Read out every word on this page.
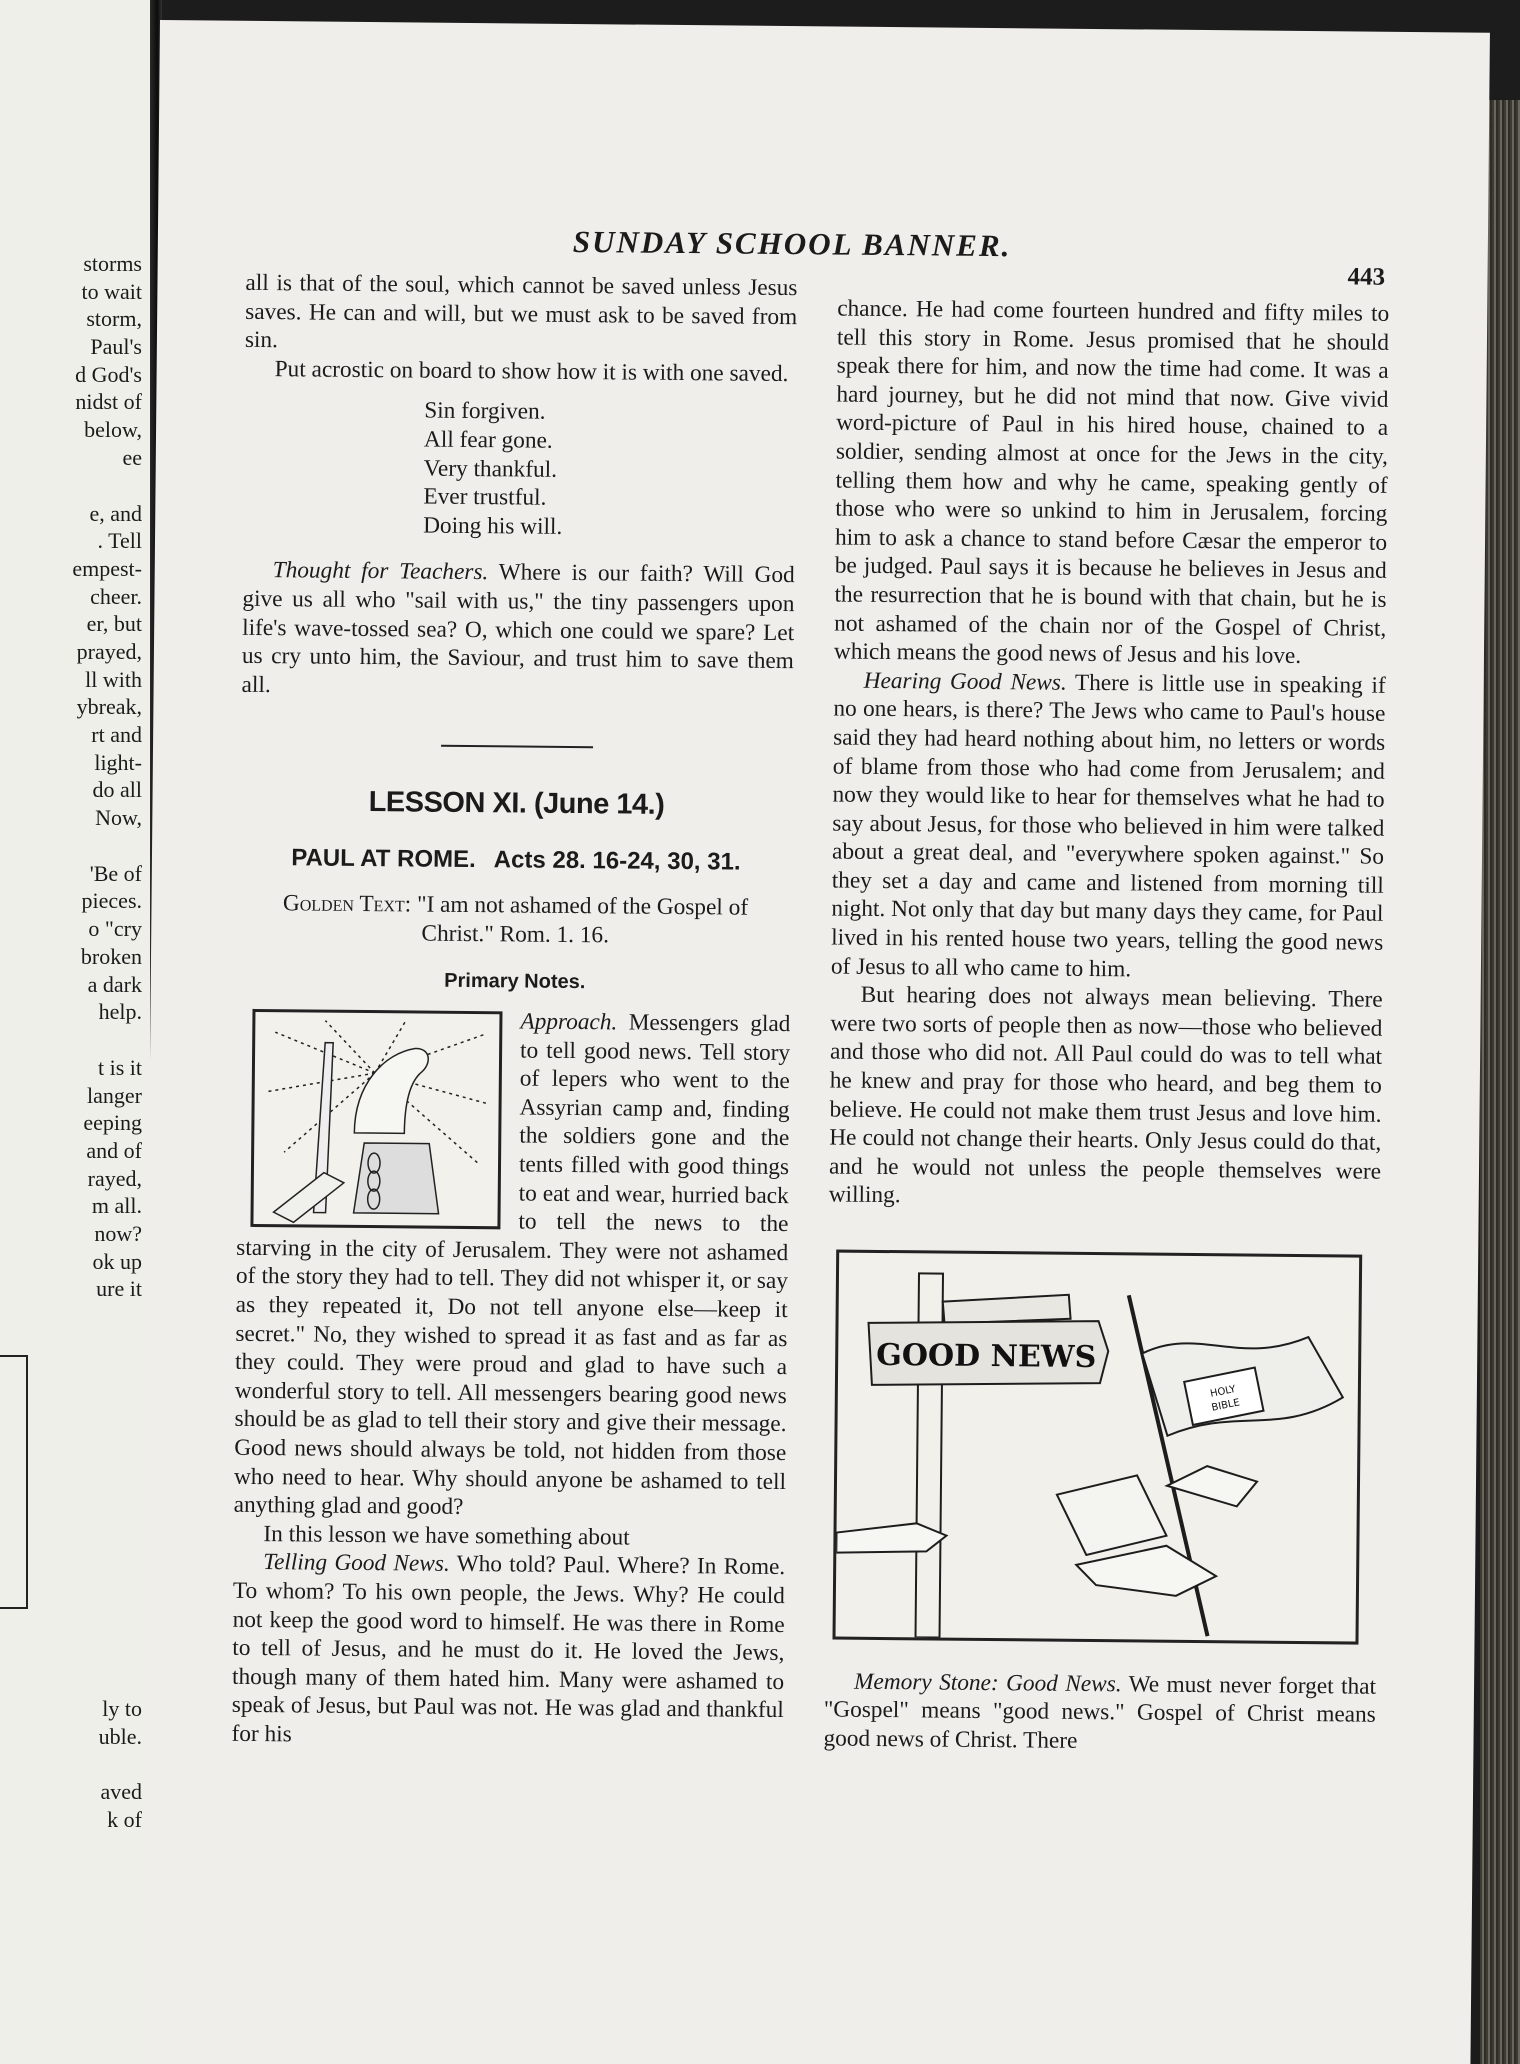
storms
to wait
storm,
Paul's
d God's
nidst of
below,
ee
e, and
. Tell
empest-
cheer.
er, but
prayed,
ll with
ybreak,
rt and
light-
do all
Now,
'Be of
pieces.
o "cry
broken
a dark
help.
t is it
langer
eeping
and of
rayed,
m all.
now?
ok up
ure it
ly to
uble.
aved
k of
SUNDAY SCHOOL BANNER.
443

all is that of the soul, which cannot be saved unless Jesus saves. He can and will, but we must ask to be saved from sin.

Put acrostic on board to show how it is with one saved.

Sin forgiven.
All fear gone.
Very thankful.
Ever trustful.
Doing his will.

Thought for Teachers. Where is our faith? Will God give us all who "sail with us," the tiny passengers upon life's wave-tossed sea? O, which one could we spare? Let us cry unto him, the Saviour, and trust him to save them all.

LESSON XI. (June 14.)
PAUL AT ROME. Acts 28. 16-24, 30, 31.
Golden Text: "I am not ashamed of the Gospel of Christ." Rom. 1. 16.
Primary Notes.

Approach. Messengers glad to tell good news. Tell story of lepers who went to the Assyrian camp and, finding the soldiers gone and the tents filled with good things to eat and wear, hurried back to tell the news to the starving in the city of Jerusalem. They were not ashamed of the story they had to tell. They did not whisper it, or say as they repeated it, Do not tell anyone else—keep it secret." No, they wished to spread it as fast and as far as they could. They were proud and glad to have such a wonderful story to tell. All messengers bearing good news should be as glad to tell their story and give their message. Good news should always be told, not hidden from those who need to hear. Why should anyone be ashamed to tell anything glad and good?

In this lesson we have something about

Telling Good News. Who told? Paul. Where? In Rome. To whom? To his own people, the Jews. Why? He could not keep the good word to himself. He was there in Rome to tell of Jesus, and he must do it. He loved the Jews, though many of them hated him. Many were ashamed to speak of Jesus, but Paul was not. He was glad and thankful for his

chance. He had come fourteen hundred and fifty miles to tell this story in Rome. Jesus promised that he should speak there for him, and now the time had come. It was a hard journey, but he did not mind that now. Give vivid word-picture of Paul in his hired house, chained to a soldier, sending almost at once for the Jews in the city, telling them how and why he came, speaking gently of those who were so unkind to him in Jerusalem, forcing him to ask a chance to stand before Cæsar the emperor to be judged. Paul says it is because he believes in Jesus and the resurrection that he is bound with that chain, but he is not ashamed of the chain nor of the Gospel of Christ, which means the good news of Jesus and his love.

Hearing Good News. There is little use in speaking if no one hears, is there? The Jews who came to Paul's house said they had heard nothing about him, no letters or words of blame from those who had come from Jerusalem; and now they would like to hear for themselves what he had to say about Jesus, for those who believed in him were talked about a great deal, and "everywhere spoken against." So they set a day and came and listened from morning till night. Not only that day but many days they came, for Paul lived in his rented house two years, telling the good news of Jesus to all who came to him.

But hearing does not always mean believing. There were two sorts of people then as now—those who believed and those who did not. All Paul could do was to tell what he knew and pray for those who heard, and beg them to believe. He could not make them trust Jesus and love him. He could not change their hearts. Only Jesus could do that, and he would not unless the people themselves were willing.

GOOD NEWS
HOLY
BIBLE

Memory Stone: Good News. We must never forget that "Gospel" means "good news." Gospel of Christ means good news of Christ. There
